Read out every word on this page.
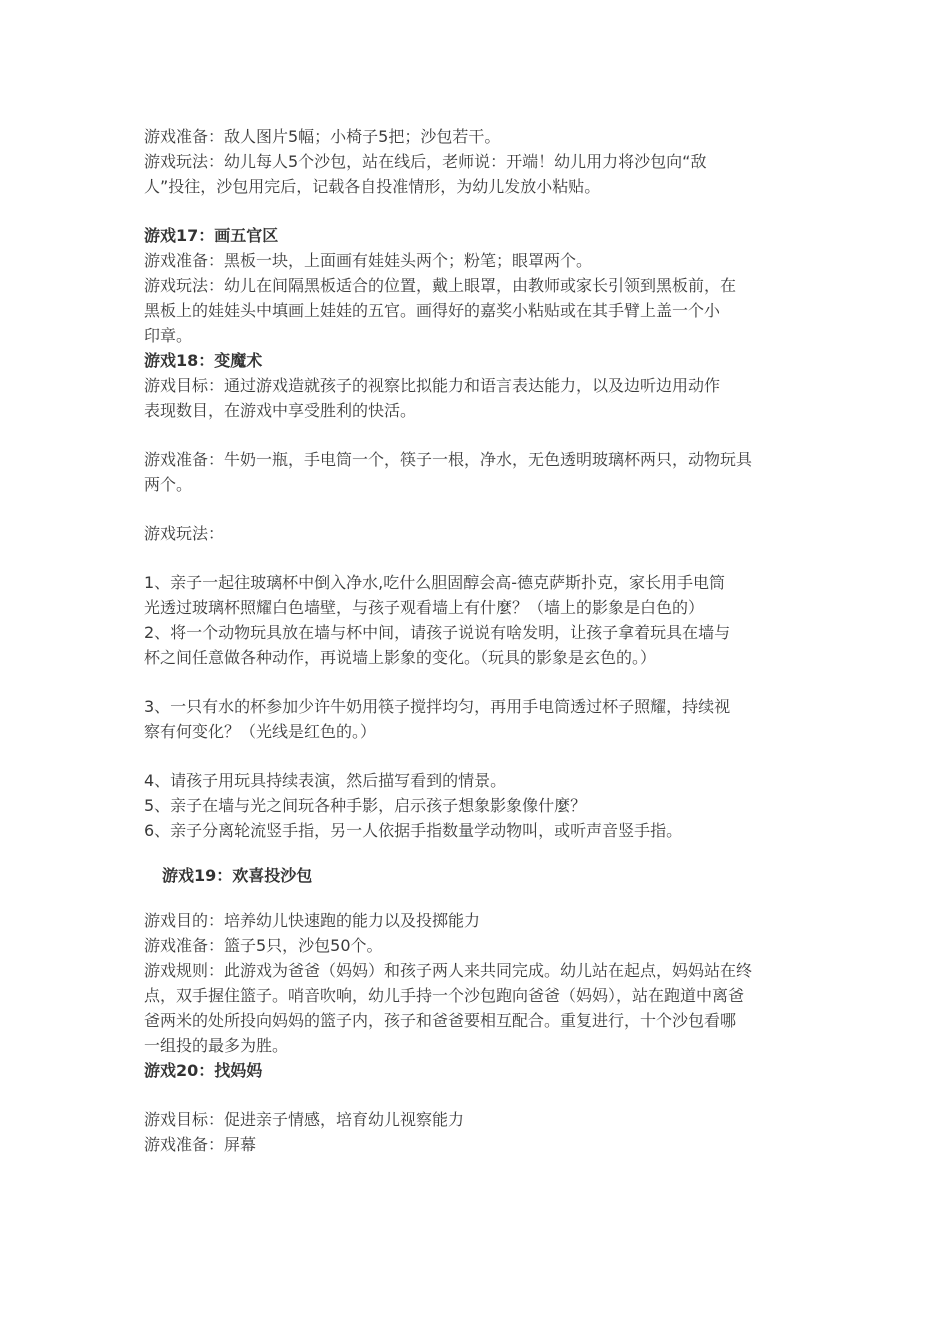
游戏准备：敌人图片5幅；小椅子5把；沙包若干。
游戏玩法：幼儿每人5个沙包，站在线后，老师说：开端！幼儿用力将沙包向“敌
人”投往，沙包用完后，记载各自投准情形，为幼儿发放小粘贴。
游戏17：画五官区
游戏准备：黑板一块，上面画有娃娃头两个；粉笔；眼罩两个。
游戏玩法：幼儿在间隔黑板适合的位置，戴上眼罩，由教师或家长引领到黑板前，在
黑板上的娃娃头中填画上娃娃的五官。画得好的嘉奖小粘贴或在其手臂上盖一个小
印章。
游戏18：变魔术
游戏目标：通过游戏造就孩子的视察比拟能力和语言表达能力，以及边听边用动作
表现数目，在游戏中享受胜利的快活。
游戏准备：牛奶一瓶，手电筒一个，筷子一根，净水，无色透明玻璃杯两只，动物玩具
两个。
游戏玩法：
1、亲子一起往玻璃杯中倒入净水,吃什么胆固醇会高-德克萨斯扑克，家长用手电筒
光透过玻璃杯照耀白色墙壁，与孩子观看墙上有什麼？（墙上的影象是白色的）
2、将一个动物玩具放在墙与杯中间，请孩子说说有啥发明，让孩子拿着玩具在墙与
杯之间任意做各种动作，再说墙上影象的变化。（玩具的影象是玄色的。）
3、一只有水的杯参加少许牛奶用筷子搅拌均匀，再用手电筒透过杯子照耀，持续视
察有何变化？（光线是红色的。）
4、请孩子用玩具持续表演，然后描写看到的情景。
5、亲子在墙与光之间玩各种手影，启示孩子想象影象像什麼？
6、亲子分离轮流竖手指，另一人依据手指数量学动物叫，或听声音竖手指。
游戏19：欢喜投沙包
游戏目的：培养幼儿快速跑的能力以及投掷能力
游戏准备：篮子5只，沙包50个。
游戏规则：此游戏为爸爸（妈妈）和孩子两人来共同完成。幼儿站在起点，妈妈站在终
点，双手握住篮子。哨音吹响，幼儿手持一个沙包跑向爸爸（妈妈），站在跑道中离爸
爸两米的处所投向妈妈的篮子内，孩子和爸爸要相互配合。重复进行，十个沙包看哪
一组投的最多为胜。
游戏20：找妈妈
游戏目标：促进亲子情感，培育幼儿视察能力
游戏准备：屏幕
